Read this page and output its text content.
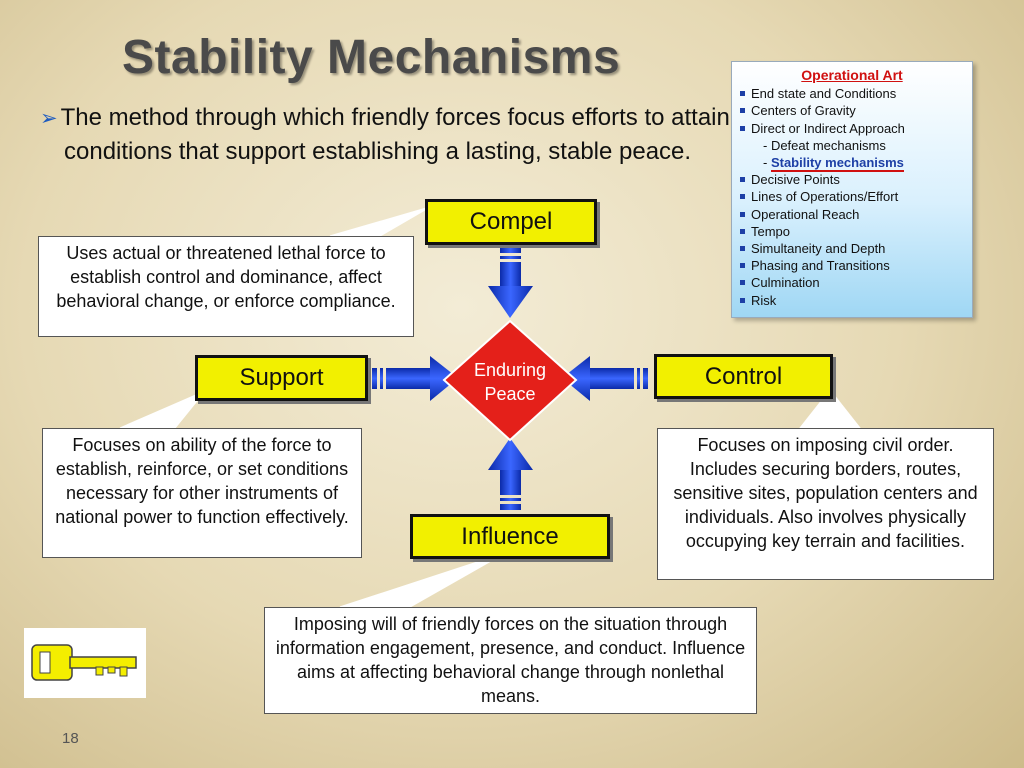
Stability Mechanisms
➢ The method through which friendly forces focus efforts to attain conditions that support establishing a lasting, stable peace.
Operational Art
End state and Conditions
Centers of Gravity
Direct or Indirect Approach
- Defeat mechanisms
- Stability mechanisms
Decisive Points
Lines of Operations/Effort
Operational Reach
Tempo
Simultaneity and Depth
Phasing and Transitions
Culmination
Risk
Compel
Support	Control
Influence
Uses actual or threatened lethal force to establish control and dominance, affect behavioral change, or enforce compliance.
Focuses on ability of the force to establish, reinforce, or set conditions necessary for other instruments of national power to function effectively.
Focuses on imposing civil order. Includes securing borders, routes, sensitive sites, population centers and individuals. Also involves physically occupying key terrain and facilities.
Imposing will of friendly forces on the situation through information engagement, presence, and conduct. Influence aims at affecting behavioral change through nonlethal means.
Enduring
Peace
18
